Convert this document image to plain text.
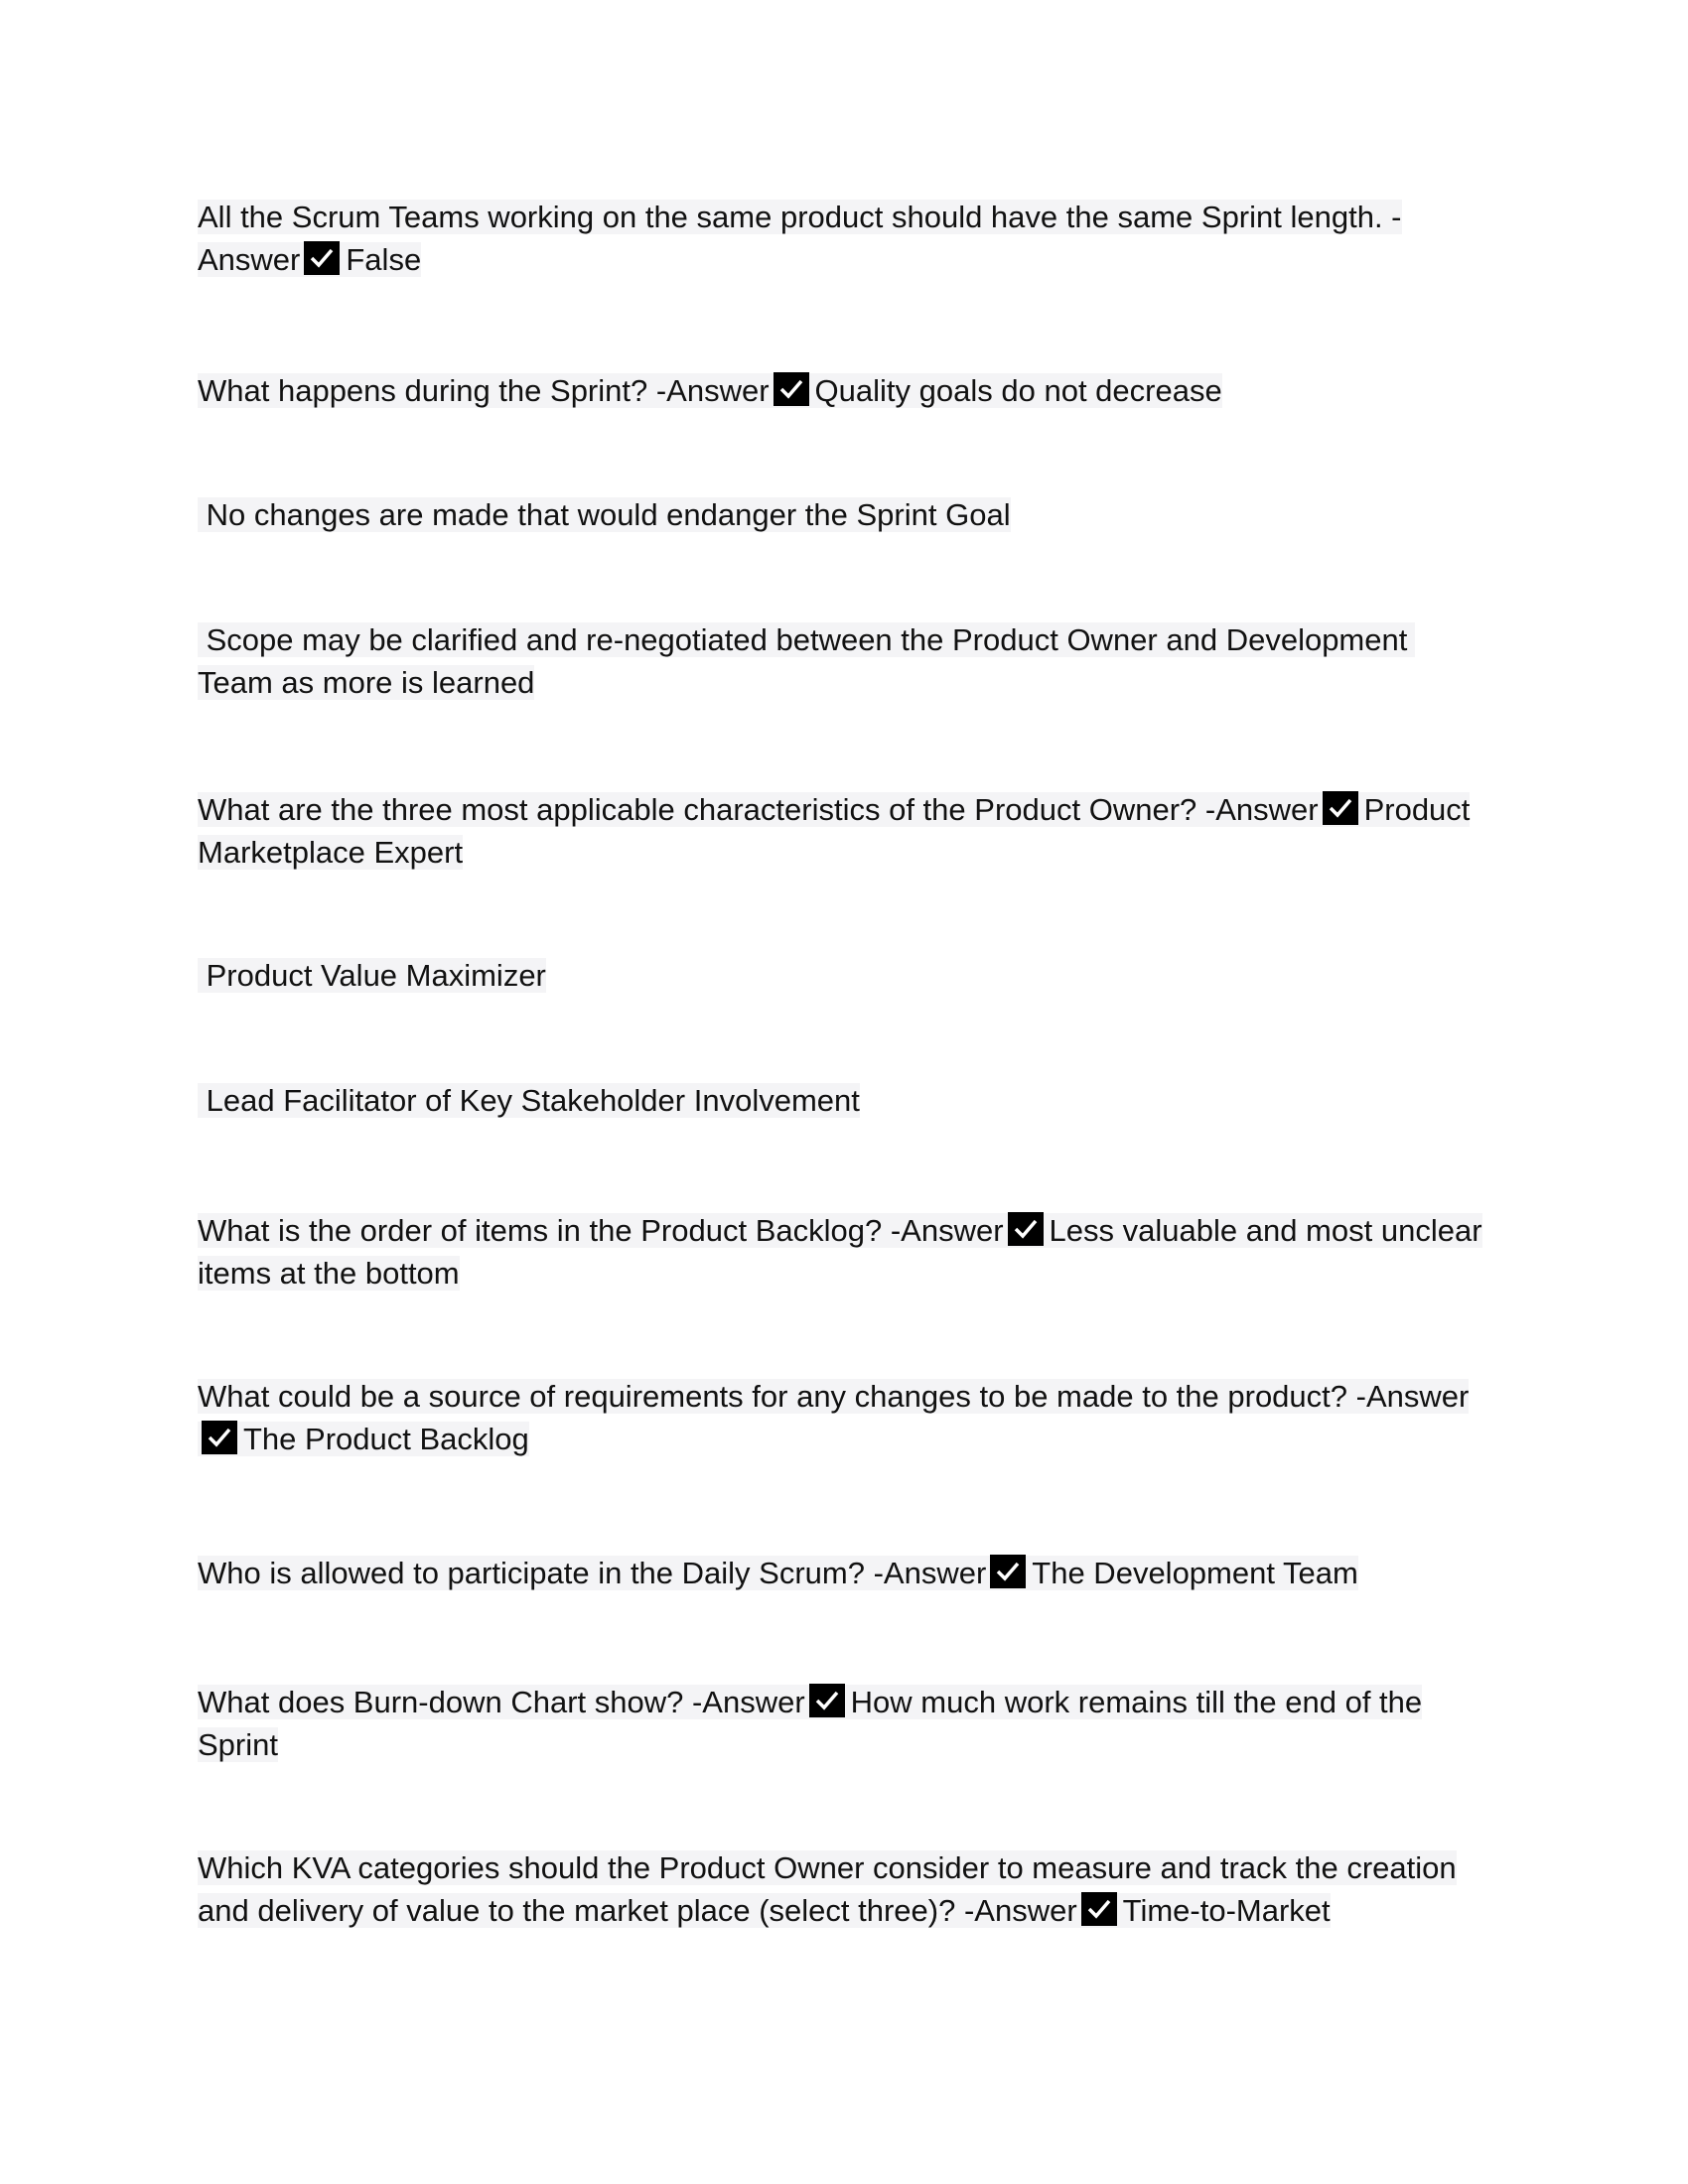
All the Scrum Teams working on the same product should have the same Sprint length. -Answer False

What happens during the Sprint? -Answer Quality goals do not decrease

No changes are made that would endanger the Sprint Goal

Scope may be clarified and re-negotiated between the Product Owner and Development Team as more is learned

What are the three most applicable characteristics of the Product Owner? -Answer Product Marketplace Expert

Product Value Maximizer

Lead Facilitator of Key Stakeholder Involvement

What is the order of items in the Product Backlog? -Answer Less valuable and most unclear items at the bottom

What could be a source of requirements for any changes to be made to the product? -Answer
The Product Backlog

Who is allowed to participate in the Daily Scrum? -Answer The Development Team

What does Burn-down Chart show? -Answer How much work remains till the end of the Sprint

Which KVA categories should the Product Owner consider to measure and track the creation and delivery of value to the market place (select three)? -Answer Time-to-Market
